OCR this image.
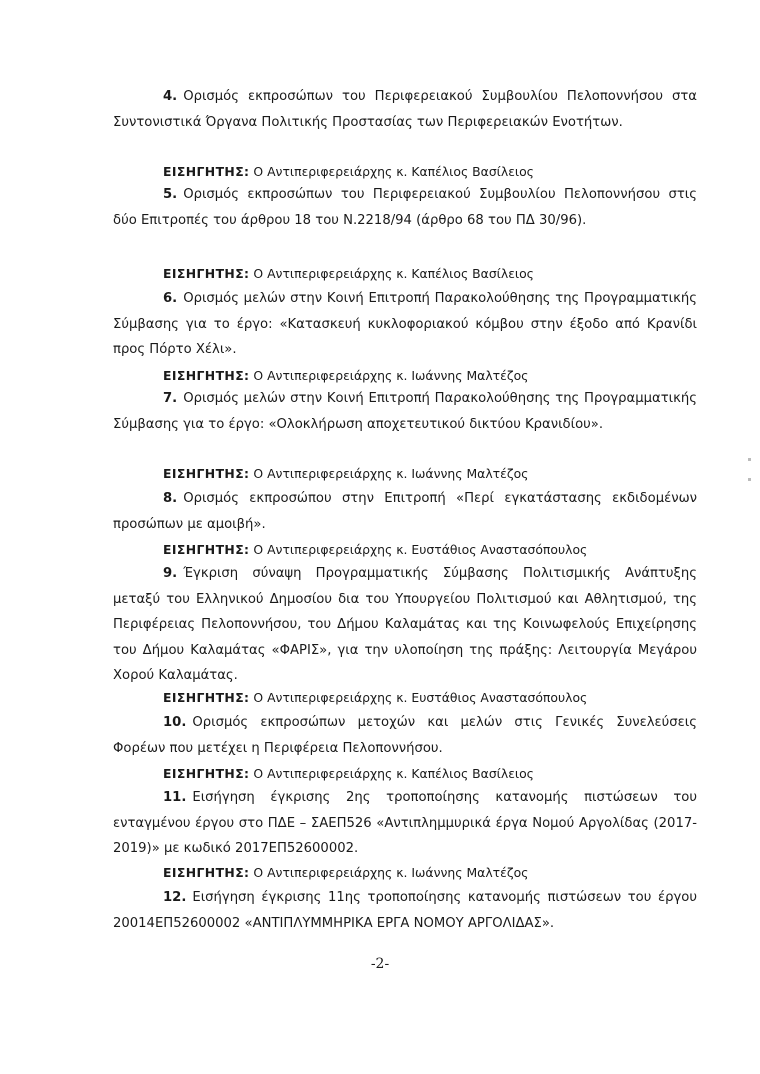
4. Ορισμός εκπροσώπων του Περιφερειακού Συμβουλίου Πελοποννήσου στα Συντονιστικά Όργανα Πολιτικής Προστασίας των Περιφερειακών Ενοτήτων.
ΕΙΣΗΓΗΤΗΣ: Ο Αντιπεριφερειάρχης κ. Καπέλιος Βασίλειος
5. Ορισμός εκπροσώπων του Περιφερειακού Συμβουλίου Πελοποννήσου στις δύο Επιτροπές του άρθρου 18 του Ν.2218/94 (άρθρο 68 του ΠΔ 30/96).
ΕΙΣΗΓΗΤΗΣ: Ο Αντιπεριφερειάρχης κ. Καπέλιος Βασίλειος
6. Ορισμός μελών στην Κοινή Επιτροπή Παρακολούθησης της Προγραμματικής Σύμβασης για το έργο: «Κατασκευή κυκλοφοριακού κόμβου στην έξοδο από Κρανίδι προς Πόρτο Χέλι».
ΕΙΣΗΓΗΤΗΣ: Ο Αντιπεριφερειάρχης κ. Ιωάννης Μαλτέζος
7. Ορισμός μελών στην Κοινή Επιτροπή Παρακολούθησης της Προγραμματικής Σύμβασης για το έργο: «Ολοκλήρωση αποχετευτικού δικτύου Κρανιδίου».
ΕΙΣΗΓΗΤΗΣ: Ο Αντιπεριφερειάρχης κ. Ιωάννης Μαλτέζος
8. Ορισμός εκπροσώπου στην Επιτροπή «Περί εγκατάστασης εκδιδομένων προσώπων με αμοιβή».
ΕΙΣΗΓΗΤΗΣ: Ο Αντιπεριφερειάρχης κ. Ευστάθιος Αναστασόπουλος
9. Έγκριση σύναψη Προγραμματικής Σύμβασης Πολιτισμικής Ανάπτυξης μεταξύ του Ελληνικού Δημοσίου δια του Υπουργείου Πολιτισμού και Αθλητισμού, της Περιφέρειας Πελοποννήσου, του Δήμου Καλαμάτας και της Κοινωφελούς Επιχείρησης του Δήμου Καλαμάτας «ΦΑΡΙΣ», για την υλοποίηση της πράξης: Λειτουργία Μεγάρου Χορού Καλαμάτας.
ΕΙΣΗΓΗΤΗΣ: Ο Αντιπεριφερειάρχης κ. Ευστάθιος Αναστασόπουλος
10. Ορισμός εκπροσώπων μετοχών και μελών στις Γενικές Συνελεύσεις Φορέων που μετέχει η Περιφέρεια Πελοποννήσου.
ΕΙΣΗΓΗΤΗΣ: Ο Αντιπεριφερειάρχης κ. Καπέλιος Βασίλειος
11. Εισήγηση έγκρισης 2ης τροποποίησης κατανομής πιστώσεων του ενταγμένου έργου στο ΠΔΕ – ΣΑΕΠ526 «Αντιπλημμυρικά έργα Νομού Αργολίδας (2017-2019)» με κωδικό 2017ΕΠ52600002.
ΕΙΣΗΓΗΤΗΣ: Ο Αντιπεριφερειάρχης κ. Ιωάννης Μαλτέζος
12. Εισήγηση έγκρισης 11ης τροποποίησης κατανομής πιστώσεων του έργου 20014ΕΠ52600002 «ΑΝΤΙΠΛΥΜΜΗΡΙΚΑ ΕΡΓΑ ΝΟΜΟΥ ΑΡΓΟΛΙΔΑΣ».
-2-
